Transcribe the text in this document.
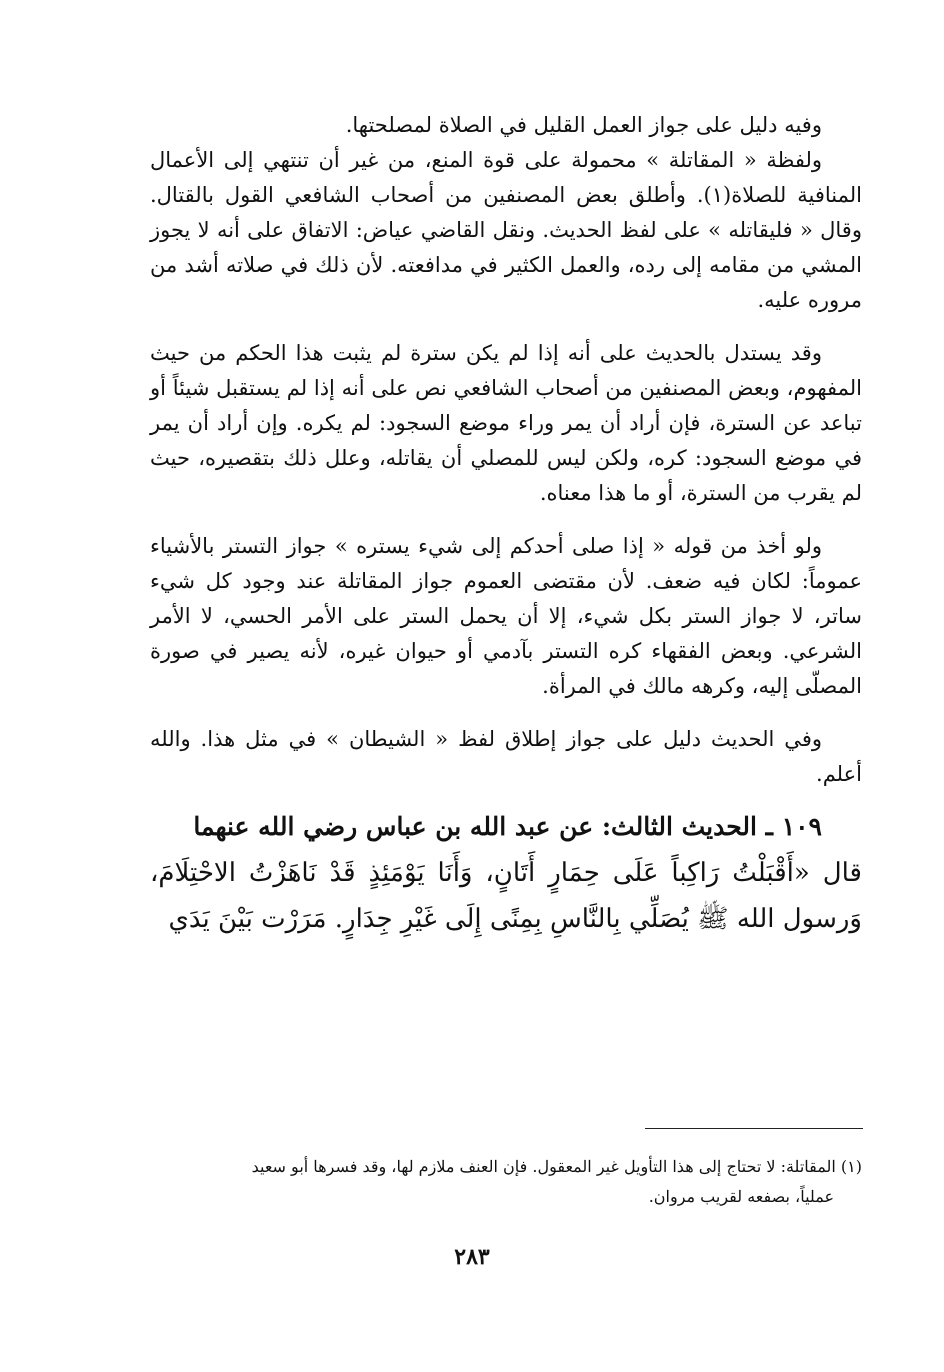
وفيه دليل على جواز العمل القليل في الصلاة لمصلحتها.

ولفظة « المقاتلة » محمولة على قوة المنع، من غير أن تنتهي إلى الأعمال المنافية للصلاة(١). وأطلق بعض المصنفين من أصحاب الشافعي القول بالقتال. وقال « فليقاتله » على لفظ الحديث. ونقل القاضي عياض: الاتفاق على أنه لا يجوز المشي من مقامه إلى رده، والعمل الكثير في مدافعته. لأن ذلك في صلاته أشد من مروره عليه.

وقد يستدل بالحديث على أنه إذا لم يكن سترة لم يثبت هذا الحكم من حيث المفهوم، وبعض المصنفين من أصحاب الشافعي نص على أنه إذا لم يستقبل شيئاً أو تباعد عن السترة، فإن أراد أن يمر وراء موضع السجود: لم يكره. وإن أراد أن يمر في موضع السجود: كره، ولكن ليس للمصلي أن يقاتله، وعلل ذلك بتقصيره، حيث لم يقرب من السترة، أو ما هذا معناه.

ولو أخذ من قوله « إذا صلى أحدكم إلى شيء يستره » جواز التستر بالأشياء عموماً: لكان فيه ضعف. لأن مقتضى العموم جواز المقاتلة عند وجود كل شيء ساتر، لا جواز الستر بكل شيء، إلا أن يحمل الستر على الأمر الحسي، لا الأمر الشرعي. وبعض الفقهاء كره التستر بآدمي أو حيوان غيره، لأنه يصير في صورة المصلّى إليه، وكرهه مالك في المرأة.

وفي الحديث دليل على جواز إطلاق لفظ « الشيطان » في مثل هذا. والله أعلم.

١٠٩ ـ الحديث الثالث: عن عبد الله بن عباس رضي الله عنهما

قال «أَقْبَلْتُ رَاكِباً عَلَى حِمَارٍ أَتَانٍ، وَأَنَا يَوْمَئِذٍ قَدْ نَاهَزْتُ الاحْتِلَامَ، وَرسول الله ﷺ يُصَلِّي بِالنَّاسِ بِمِنًى إِلَى غَيْرِ جِدَارٍ. مَرَرْت بَيْنَ يَدَي

(١) المقاتلة: لا تحتاج إلى هذا التأويل غير المعقول. فإن العنف ملازم لها، وقد فسرها أبو سعيد
عملياً، بصفعه لقريب مروان.

٢٨٣
